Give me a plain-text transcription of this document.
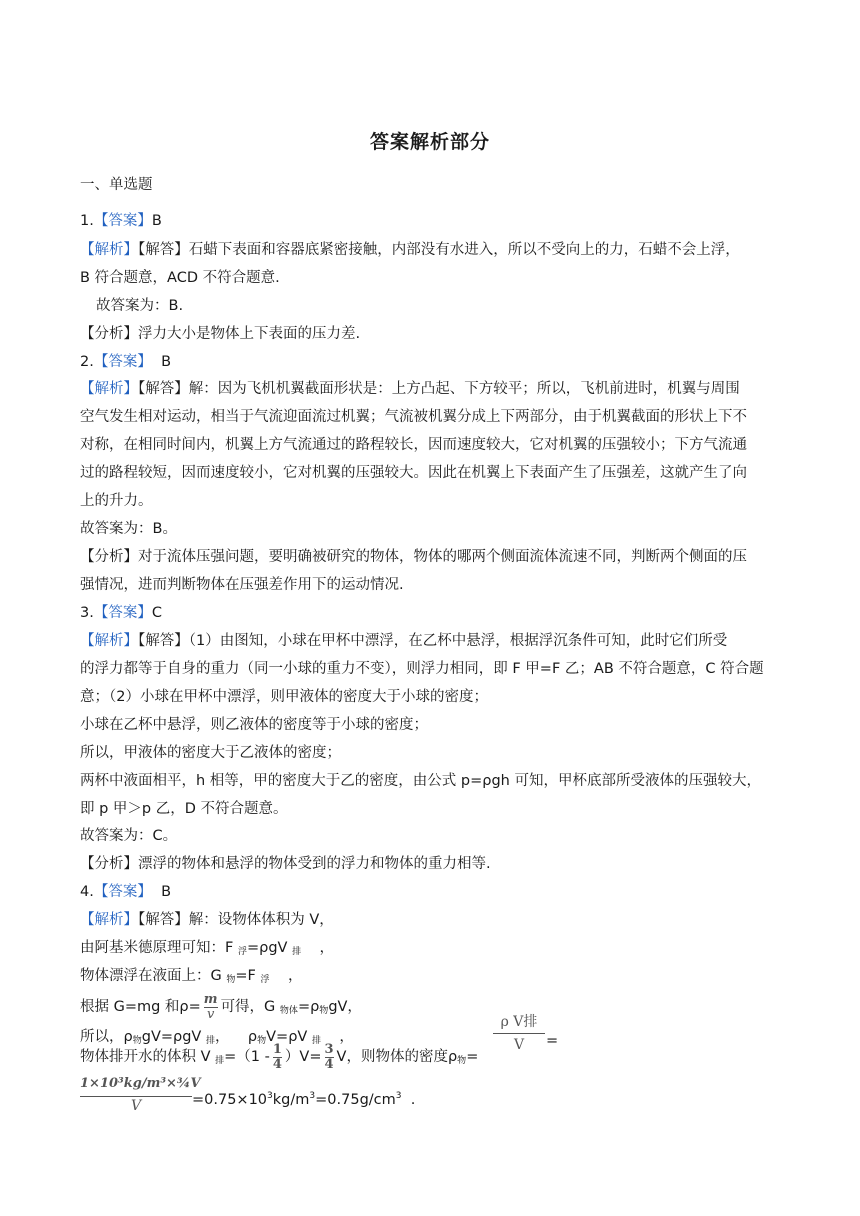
答案解析部分
一、单选题
1.【答案】B
【解析】【解答】石蜡下表面和容器底紧密接触，内部没有水进入，所以不受向上的力，石蜡不会上浮，
B 符合题意，ACD 不符合题意.
故答案为：B.
【分析】浮力大小是物体上下表面的压力差.
2.【答案】 B
【解析】【解答】解：因为飞机机翼截面形状是：上方凸起、下方较平；所以，飞机前进时，机翼与周围
空气发生相对运动，相当于气流迎面流过机翼；气流被机翼分成上下两部分，由于机翼截面的形状上下不
对称，在相同时间内，机翼上方气流通过的路程较长，因而速度较大，它对机翼的压强较小；下方气流通
过的路程较短，因而速度较小，它对机翼的压强较大。因此在机翼上下表面产生了压强差，这就产生了向
上的升力。
故答案为：B。
【分析】对于流体压强问题，要明确被研究的物体，物体的哪两个侧面流体流速不同，判断两个侧面的压
强情况，进而判断物体在压强差作用下的运动情况.
3.【答案】C
【解析】【解答】（1）由图知，小球在甲杯中漂浮，在乙杯中悬浮，根据浮沉条件可知，此时它们所受
的浮力都等于自身的重力（同一小球的重力不变），则浮力相同，即 F 甲=F 乙；AB 不符合题意，C 符合题
意；（2）小球在甲杯中漂浮，则甲液体的密度大于小球的密度；
小球在乙杯中悬浮，则乙液体的密度等于小球的密度；
所以，甲液体的密度大于乙液体的密度；
两杯中液面相平，h 相等，甲的密度大于乙的密度，由公式 p=ρgh 可知，甲杯底部所受液体的压强较大，
即 p 甲＞p 乙，D 不符合题意。
故答案为：C。
【分析】漂浮的物体和悬浮的物体受到的浮力和物体的重力相等.
4.【答案】 B
【解析】【解答】解：设物体体积为 V，
由阿基米德原理可知：F $_浮$=ρgV $_排$ ，
物体漂浮在液面上：G $_物$=F $_浮$ ，
根据 G=mg 和$\rho= \frac{m}{v}$ 可得，G $_{物体}=\rho_物gV$，
所以，$\rho_物gV=\rho gV$ $_排$，    $\rho_物V=\rho V$ $_排$ ，
物体排开水的体积 V $_排=(1 - \frac{1}{4} )V= \frac{3}{4}$ V，则物体的密度$\rho_物=$
ρ V排
V	=
$\frac{\text{1×10³kg/m³×¾V}}{V} =0.75\times 10^3kg/m^3=0.75g/cm^3$  .
